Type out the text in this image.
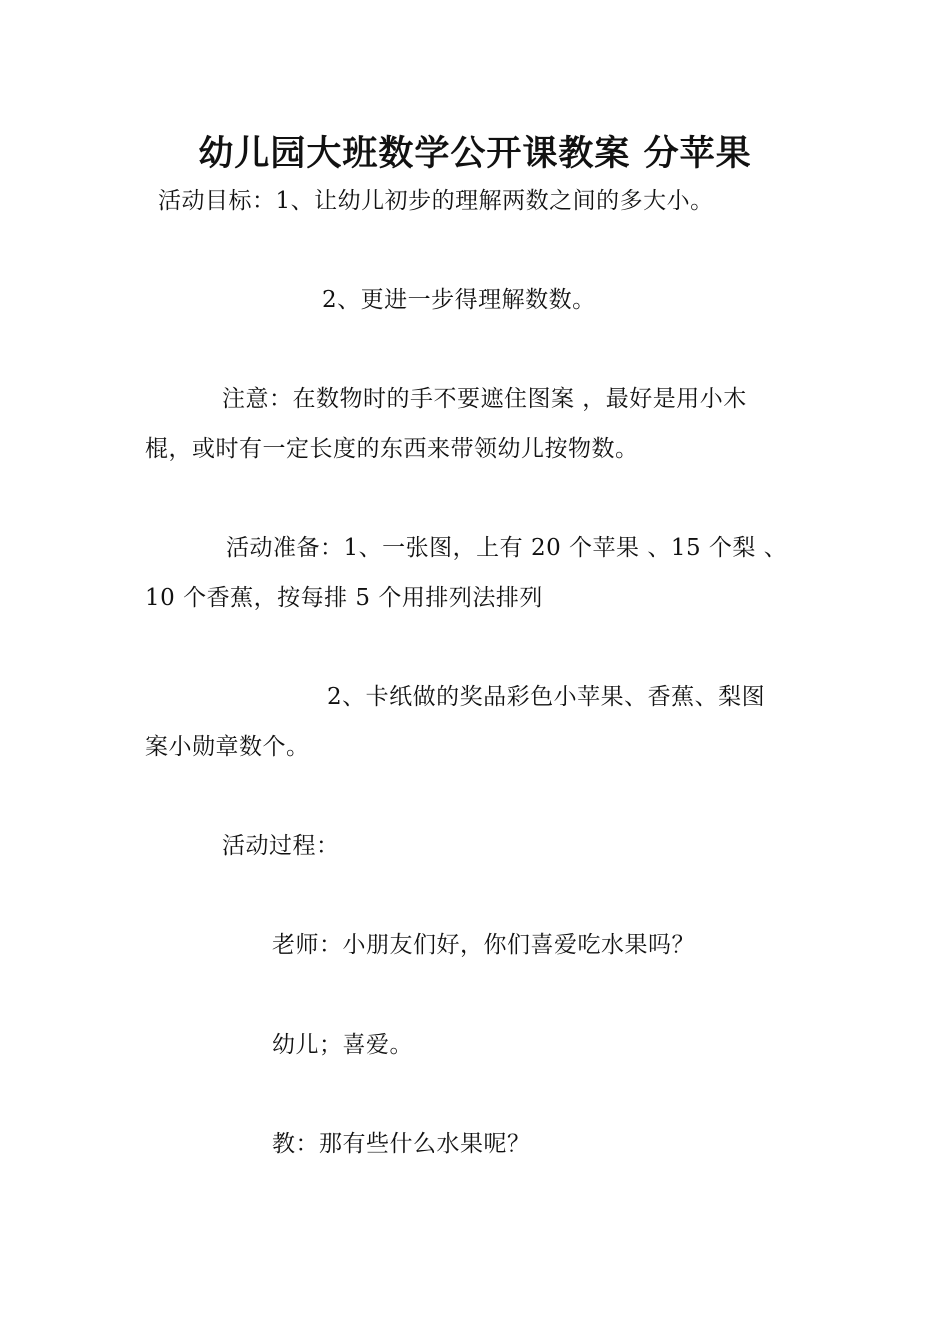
幼儿园大班数学公开课教案 分苹果
活动目标：1、让幼儿初步的理解两数之间的多大小。
2、更进一步得理解数数。
注意：在数物时的手不要遮住图案 ，最好是用小木
棍，或时有一定长度的东西来带领幼儿按物数。
活动准备：1、一张图，上有 20 个苹果 、15 个梨 、
10 个香蕉，按每排 5 个用排列法排列
2、卡纸做的奖品彩色小苹果、香蕉、梨图
案小勋章数个。
活动过程：
老师：小朋友们好，你们喜爱吃水果吗？
幼儿；喜爱。
教：那有些什么水果呢？
